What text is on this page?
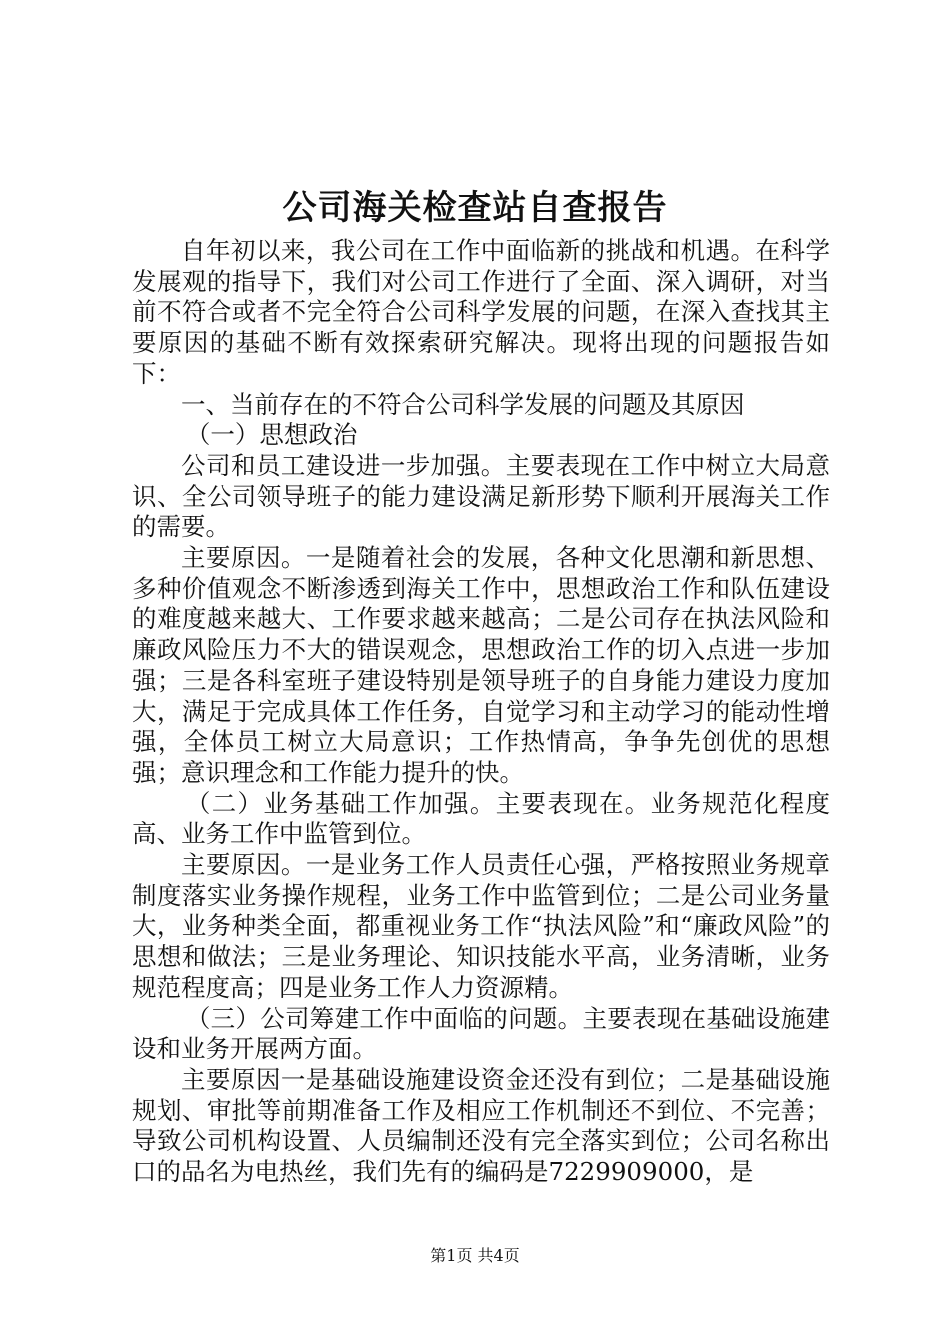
公司海关检查站自查报告

自年初以来，我公司在工作中面临新的挑战和机遇。在科学发展观的指导下，我们对公司工作进行了全面、深入调研，对当前不符合或者不完全符合公司科学发展的问题，在深入查找其主要原因的基础不断有效探索研究解决。现将出现的问题报告如下：

一、当前存在的不符合公司科学发展的问题及其原因

（一）思想政治

公司和员工建设进一步加强。主要表现在工作中树立大局意识、全公司领导班子的能力建设满足新形势下顺利开展海关工作的需要。

主要原因。一是随着社会的发展，各种文化思潮和新思想、多种价值观念不断渗透到海关工作中，思想政治工作和队伍建设的难度越来越大、工作要求越来越高；二是公司存在执法风险和廉政风险压力不大的错误观念，思想政治工作的切入点进一步加强；三是各科室班子建设特别是领导班子的自身能力建设力度加大，满足于完成具体工作任务，自觉学习和主动学习的能动性增强，全体员工树立大局意识；工作热情高，争争先创优的思想强；意识理念和工作能力提升的快。

（二）业务基础工作加强。主要表现在。业务规范化程度高、业务工作中监管到位。

主要原因。一是业务工作人员责任心强，严格按照业务规章制度落实业务操作规程，业务工作中监管到位；二是公司业务量大，业务种类全面，都重视业务工作“执法风险”和“廉政风险”的思想和做法；三是业务理论、知识技能水平高，业务清晰，业务规范程度高；四是业务工作人力资源精。

（三）公司筹建工作中面临的问题。主要表现在基础设施建设和业务开展两方面。

主要原因一是基础设施建设资金还没有到位；二是基础设施规划、审批等前期准备工作及相应工作机制还不到位、不完善；导致公司机构设置、人员编制还没有完全落实到位；公司名称出口的品名为电热丝，我们先有的编码是7229909000，是

第1页 共4页
